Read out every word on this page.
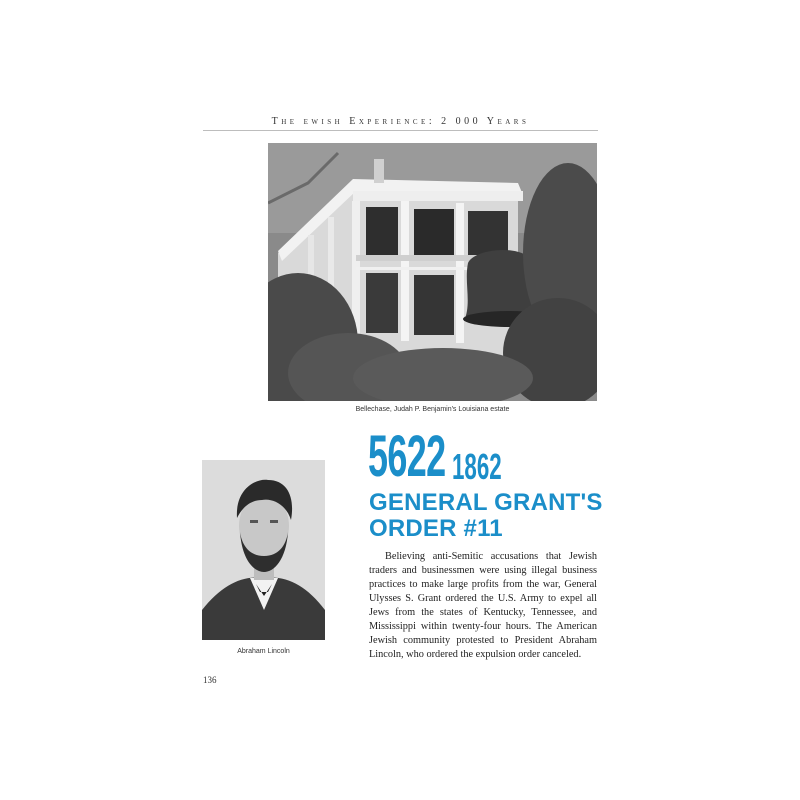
The ewish Experience: 2 000 Years
Bellechase, Judah P. Benjamin's Louisiana estate
Abraham Lincoln
5622 1862
GENERAL GRANT'S ORDER #11
Believing anti-Semitic accusations that Jewish traders and businessmen were using illegal business practices to make large profits from the war, General Ulysses S. Grant ordered the U.S. Army to expel all Jews from the states of Kentucky, Tennessee, and Mississippi within twenty-four hours. The American Jewish community protested to President Abraham Lincoln, who ordered the expulsion order canceled.
136
